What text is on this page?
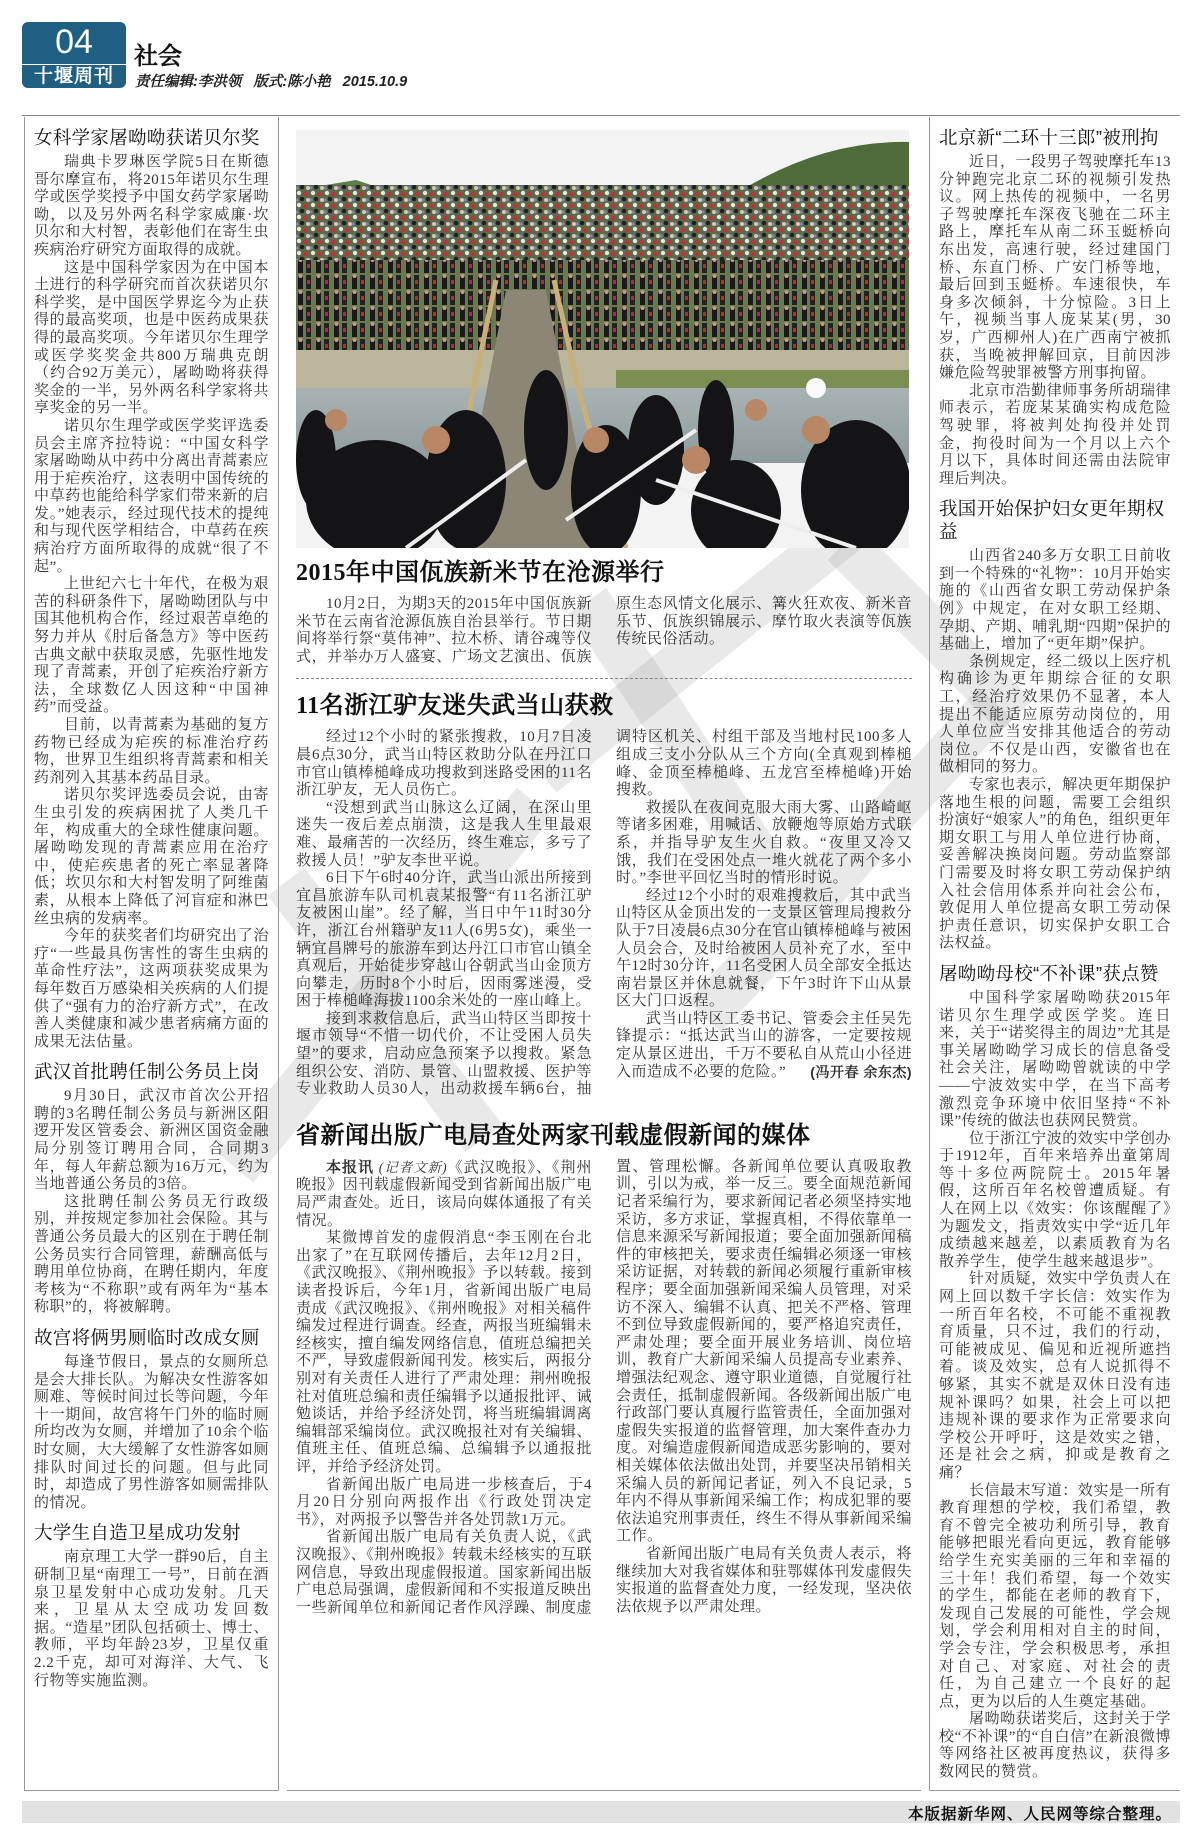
04
十堰周刊
社会
责任编辑:李洪领 版式:陈小艳 2015.10.9
女科学家屠呦呦获诺贝尔奖

瑞典卡罗琳医学院5日在斯德哥尔摩宣布，将2015年诺贝尔生理学或医学奖授予中国女药学家屠呦呦，以及另外两名科学家威廉·坎贝尔和大村智，表彰他们在寄生虫疾病治疗研究方面取得的成就。

这是中国科学家因为在中国本土进行的科学研究而首次获诺贝尔科学奖，是中国医学界迄今为止获得的最高奖项，也是中医药成果获得的最高奖项。今年诺贝尔生理学或医学奖奖金共800万瑞典克朗（约合92万美元），屠呦呦将获得奖金的一半，另外两名科学家将共享奖金的另一半。

诺贝尔生理学或医学奖评选委员会主席齐拉特说：“中国女科学家屠呦呦从中药中分离出青蒿素应用于疟疾治疗，这表明中国传统的中草药也能给科学家们带来新的启发。”她表示，经过现代技术的提纯和与现代医学相结合，中草药在疾病治疗方面所取得的成就“很了不起”。

上世纪六七十年代，在极为艰苦的科研条件下，屠呦呦团队与中国其他机构合作，经过艰苦卓绝的努力并从《肘后备急方》等中医药古典文献中获取灵感，先驱性地发现了青蒿素，开创了疟疾治疗新方法，全球数亿人因这种“中国神药”而受益。

目前，以青蒿素为基础的复方药物已经成为疟疾的标准治疗药物，世界卫生组织将青蒿素和相关药剂列入其基本药品目录。

诺贝尔奖评选委员会说，由寄生虫引发的疾病困扰了人类几千年，构成重大的全球性健康问题。屠呦呦发现的青蒿素应用在治疗中，使疟疾患者的死亡率显著降低；坎贝尔和大村智发明了阿维菌素，从根本上降低了河盲症和淋巴丝虫病的发病率。

今年的获奖者们均研究出了治疗“一些最具伤害性的寄生虫病的革命性疗法”，这两项获奖成果为每年数百万感染相关疾病的人们提供了“强有力的治疗新方式”，在改善人类健康和减少患者病痛方面的成果无法估量。

武汉首批聘任制公务员上岗

9月30日，武汉市首次公开招聘的3名聘任制公务员与新洲区阳逻开发区管委会、新洲区国资金融局分别签订聘用合同，合同期3年，每人年薪总额为16万元，约为当地普通公务员的3倍。

这批聘任制公务员无行政级别，并按规定参加社会保险。其与普通公务员最大的区别在于聘任制公务员实行合同管理，薪酬高低与聘用单位协商，在聘任期内，年度考核为“不称职”或有两年为“基本称职”的，将被解聘。

故宫将俩男厕临时改成女厕

每逢节假日，景点的女厕所总是会大排长队。为解决女性游客如厕难、等候时间过长等问题，今年十一期间，故宫将午门外的临时厕所均改为女厕，并增加了10余个临时女厕，大大缓解了女性游客如厕排队时间过长的问题。但与此同时，却造成了男性游客如厕需排队的情况。

大学生自造卫星成功发射

南京理工大学一群90后，自主研制卫星“南理工一号”，日前在酒泉卫星发射中心成功发射。几天来，卫星从太空成功发回数据。“造星”团队包括硕士、博士、教师，平均年龄23岁，卫星仅重2.2千克，却可对海洋、大气、飞行物等实施监测。

2015年中国佤族新米节在沧源举行

10月2日，为期3天的2015年中国佤族新米节在云南省沧源佤族自治县举行。节日期间将举行祭“莫伟神”、拉木桥、请谷魂等仪式，并举办万人盛宴、广场文艺演出、佤族原生态风情文化展示、篝火狂欢夜、新米音乐节、佤族织锦展示、摩竹取火表演等佤族传统民俗活动。

11名浙江驴友迷失武当山获救

经过12个小时的紧张搜救，10月7日凌晨6点30分，武当山特区救助分队在丹江口市官山镇棒槌峰成功搜救到迷路受困的11名浙江驴友，无人员伤亡。

“没想到武当山脉这么辽阔，在深山里迷失一夜后差点崩溃，这是我人生里最艰难、最痛苦的一次经历，终生难忘，多亏了救援人员！”驴友李世平说。

6日下午6时40分许，武当山派出所接到宜昌旅游车队司机袁某报警“有11名浙江驴友被困山崖”。经了解，当日中午11时30分许，浙江台州籍驴友11人(6男5女)，乘坐一辆宜昌牌号的旅游车到达丹江口市官山镇全真观后，开始徒步穿越山谷朝武当山金顶方向攀走，历时8个小时后，因雨雾迷漫，受困于棒槌峰海拔1100余米处的一座山峰上。

接到求救信息后，武当山特区当即按十堰市领导“不惜一切代价，不让受困人员失望”的要求，启动应急预案予以搜救。紧急组织公安、消防、景管、山盟救援、医护等专业救助人员30人，出动救援车辆6台，抽调特区机关、村组干部及当地村民100多人组成三支小分队从三个方向(全真观到棒槌峰、金顶至棒槌峰、五龙宫至棒槌峰)开始搜救。

救援队在夜间克服大雨大雾、山路崎岖等诸多困难，用喊话、放鞭炮等原始方式联系，并指导驴友生火自救。“夜里又冷又饿，我们在受困处点一堆火就花了两个多小时。”李世平回忆当时的情形时说。

经过12个小时的艰难搜救后，其中武当山特区从金顶出发的一支景区管理局搜救分队于7日凌晨6点30分在官山镇棒槌峰与被困人员会合，及时给被困人员补充了水，至中午12时30分许，11名受困人员全部安全抵达南岩景区并休息就餐，下午3时许下山从景区大门口返程。

武当山特区工委书记、管委会主任吴先锋提示：“抵达武当山的游客，一定要按规定从景区进出，千万不要私自从荒山小径进入而造成不必要的危险。” (冯开春 余东杰)

省新闻出版广电局查处两家刊载虚假新闻的媒体

本报讯 (记者文新)《武汉晚报》、《荆州晚报》因刊载虚假新闻受到省新闻出版广电局严肃查处。近日，该局向媒体通报了有关情况。

某微博首发的虚假消息“李玉刚在台北出家了”在互联网传播后，去年12月2日，《武汉晚报》、《荆州晚报》予以转载。接到读者投诉后，今年1月，省新闻出版广电局责成《武汉晚报》、《荆州晚报》对相关稿件编发过程进行调查。经查，两报当班编辑未经核实，擅自编发网络信息，值班总编把关不严，导致虚假新闻刊发。核实后，两报分别对有关责任人进行了严肃处理：荆州晚报社对值班总编和责任编辑予以通报批评、诫勉谈话，并给予经济处罚，将当班编辑调离编辑部采编岗位。武汉晚报社对有关编辑、值班主任、值班总编、总编辑予以通报批评，并给予经济处罚。

省新闻出版广电局进一步核查后，于4月20日分别向两报作出《行政处罚决定书》，对两报予以警告并各处罚款1万元。

省新闻出版广电局有关负责人说，《武汉晚报》、《荆州晚报》转载未经核实的互联网信息，导致出现虚假报道。国家新闻出版广电总局强调，虚假新闻和不实报道反映出一些新闻单位和新闻记者作风浮躁、制度虚置、管理松懈。各新闻单位要认真吸取教训，引以为戒，举一反三。要全面规范新闻记者采编行为，要求新闻记者必须坚持实地采访，多方求证，掌握真相，不得依靠单一信息来源采写新闻报道；要全面加强新闻稿件的审核把关，要求责任编辑必须逐一审核采访证据，对转载的新闻必须履行重新审核程序；要全面加强新闻采编人员管理，对采访不深入、编辑不认真、把关不严格、管理不到位导致虚假新闻的，要严格追究责任，严肃处理；要全面开展业务培训、岗位培训，教育广大新闻采编人员提高专业素养、增强法纪观念、遵守职业道德，自觉履行社会责任，抵制虚假新闻。各级新闻出版广电行政部门要认真履行监管责任，全面加强对虚假失实报道的监督管理，加大案件查办力度。对编造虚假新闻造成恶劣影响的，要对相关媒体依法做出处罚，并要坚决吊销相关采编人员的新闻记者证，列入不良记录，5年内不得从事新闻采编工作；构成犯罪的要依法追究刑事责任，终生不得从事新闻采编工作。

省新闻出版广电局有关负责人表示，将继续加大对我省媒体和驻鄂媒体刊发虚假失实报道的监督查处力度，一经发现，坚决依法依规予以严肃处理。

北京新“二环十三郎”被刑拘

近日，一段男子驾驶摩托车13分钟跑完北京二环的视频引发热议。网上热传的视频中，一名男子驾驶摩托车深夜飞驰在二环主路上，摩托车从南二环玉蜓桥向东出发，高速行驶，经过建国门桥、东直门桥、广安门桥等地，最后回到玉蜓桥。车速很快，车身多次倾斜，十分惊险。3日上午，视频当事人庞某某(男，30岁，广西柳州人)在广西南宁被抓获，当晚被押解回京，目前因涉嫌危险驾驶罪被警方刑事拘留。

北京市浩勤律师事务所胡瑞律师表示，若庞某某确实构成危险驾驶罪，将被判处拘役并处罚金，拘役时间为一个月以上六个月以下，具体时间还需由法院审理后判决。

我国开始保护妇女更年期权益

山西省240多万女职工日前收到一个特殊的“礼物”：10月开始实施的《山西省女职工劳动保护条例》中规定，在对女职工经期、孕期、产期、哺乳期“四期”保护的基础上，增加了“更年期”保护。

条例规定，经二级以上医疗机构确诊为更年期综合征的女职工，经治疗效果仍不显著，本人提出不能适应原劳动岗位的，用人单位应当安排其他适合的劳动岗位。不仅是山西，安徽省也在做相同的努力。

专家也表示，解决更年期保护落地生根的问题，需要工会组织扮演好“娘家人”的角色，组织更年期女职工与用人单位进行协商，妥善解决换岗问题。劳动监察部门需要及时将女职工劳动保护纳入社会信用体系并向社会公布，敦促用人单位提高女职工劳动保护责任意识，切实保护女职工合法权益。

屠呦呦母校“不补课”获点赞

中国科学家屠呦呦获2015年诺贝尔生理学或医学奖。连日来，关于“诺奖得主的周边”尤其是事关屠呦呦学习成长的信息备受社会关注，屠呦呦曾就读的中学——宁波效实中学，在当下高考激烈竞争环境中依旧坚持“不补课”传统的做法也获网民赞赏。

位于浙江宁波的效实中学创办于1912年，百年来培养出童第周等十多位两院院士。2015年暑假，这所百年名校曾遭质疑。有人在网上以《效实：你该醒醒了》为题发文，指责效实中学“近几年成绩越来越差，以素质教育为名散养学生，使学生越来越退步”。

针对质疑，效实中学负责人在网上回以数千字长信：效实作为一所百年名校，不可能不重视教育质量，只不过，我们的行动，可能被成见、偏见和近视所遮挡着。谈及效实，总有人说抓得不够紧，其实不就是双休日没有违规补课吗？如果，社会上可以把违规补课的要求作为正常要求向学校公开呼吁，这是效实之错，还是社会之病，抑或是教育之痛？

长信最末写道：效实是一所有教育理想的学校，我们希望，教育不曾完全被功利所引导，教育能够把眼光看向更远，教育能够给学生充实美丽的三年和幸福的三十年！我们希望，每一个效实的学生，都能在老师的教育下，发现自己发展的可能性，学会规划，学会利用相对自主的时间，学会专注，学会积极思考，承担对自己、对家庭、对社会的责任，为自己建立一个良好的起点，更为以后的人生奠定基础。

屠呦呦获诺奖后，这封关于学校“不补课”的“自白信”在新浪微博等网络社区被再度热议，获得多数网民的赞赏。

本版据新华网、人民网等综合整理。
